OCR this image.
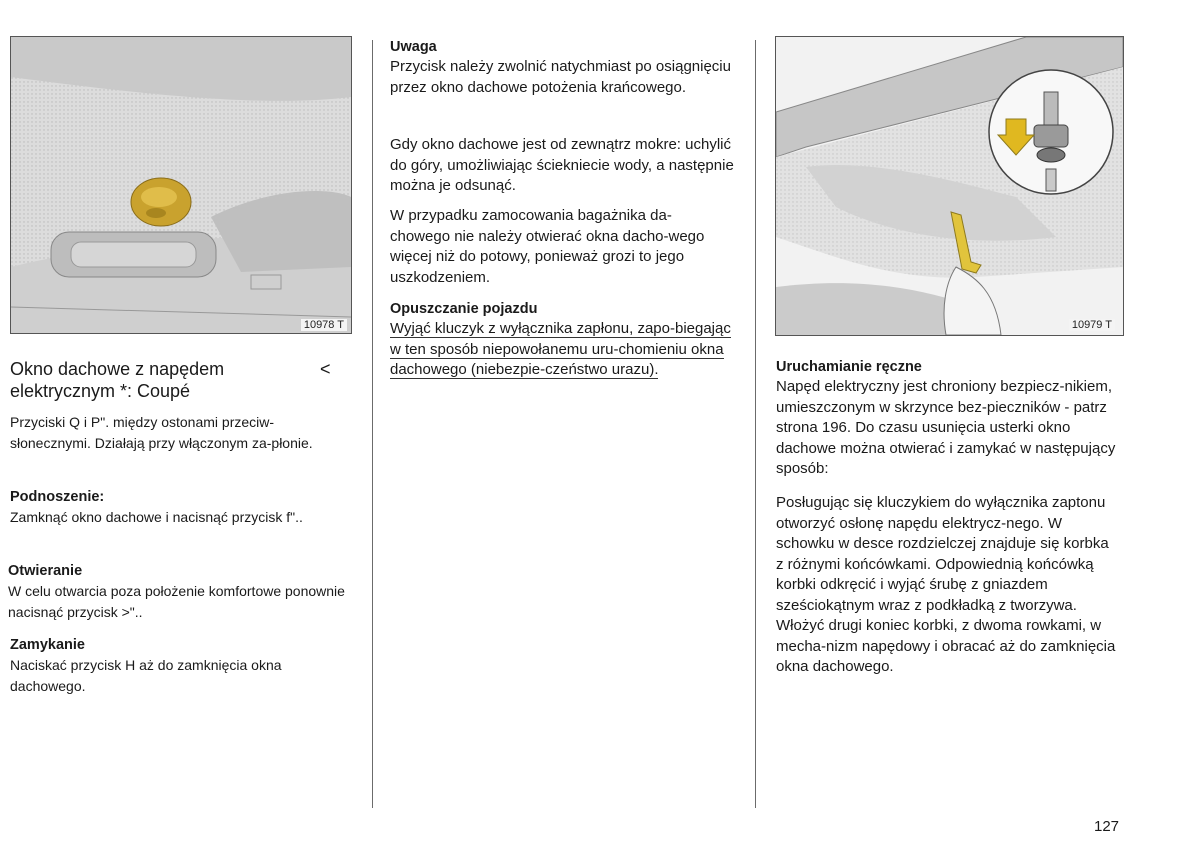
10978 T
Okno dachowe z napędem	<
elektrycznym *: Coupé

Przyciski Q i P". między ostonami przeciw-słonecznymi. Działają przy włączonym za-płonie.

Podnoszenie:

Zamknąć okno dachowe i nacisnąć przycisk f"..

Otwieranie

W celu otwarcia poza położenie komfortowe ponownie nacisnąć przycisk >"..

Zamykanie

Naciskać przycisk H aż do zamknięcia okna dachowego.

Uwaga

Przycisk należy zwolnić natychmiast po osiągnięciu przez okno dachowe potożenia krańcowego.

Gdy okno dachowe jest od zewnątrz mokre: uchylić do góry, umożliwiając ściekniecie wody, a następnie można je odsunąć.

W przypadku zamocowania bagażnika da-chowego nie należy otwierać okna dacho-wego więcej niż do potowy, ponieważ grozi to jego uszkodzeniem.

Opuszczanie pojazdu

Wyjąć kluczyk z wyłącznika zapłonu, zapo-biegając w ten sposób niepowołanemu uru-chomieniu okna dachowego (niebezpie-czeństwo urazu).

10979 T
Uruchamianie ręczne

Napęd elektryczny jest chroniony bezpiecz-nikiem, umieszczonym w skrzynce bez-pieczników - patrz strona 196. Do czasu usunięcia usterki okno dachowe można otwierać i zamykać w następujący sposób:

Posługując się kluczykiem do wyłącznika zaptonu otworzyć osłonę napędu elektrycz-nego. W schowku w desce rozdzielczej znajduje się korbka z różnymi końcówkami. Odpowiednią końcówką korbki odkręcić i wyjąć śrubę z gniazdem sześciokątnym wraz z podkładką z tworzywa. Włożyć drugi koniec korbki, z dwoma rowkami, w mecha-nizm napędowy i obracać aż do zamknięcia okna dachowego.

127
